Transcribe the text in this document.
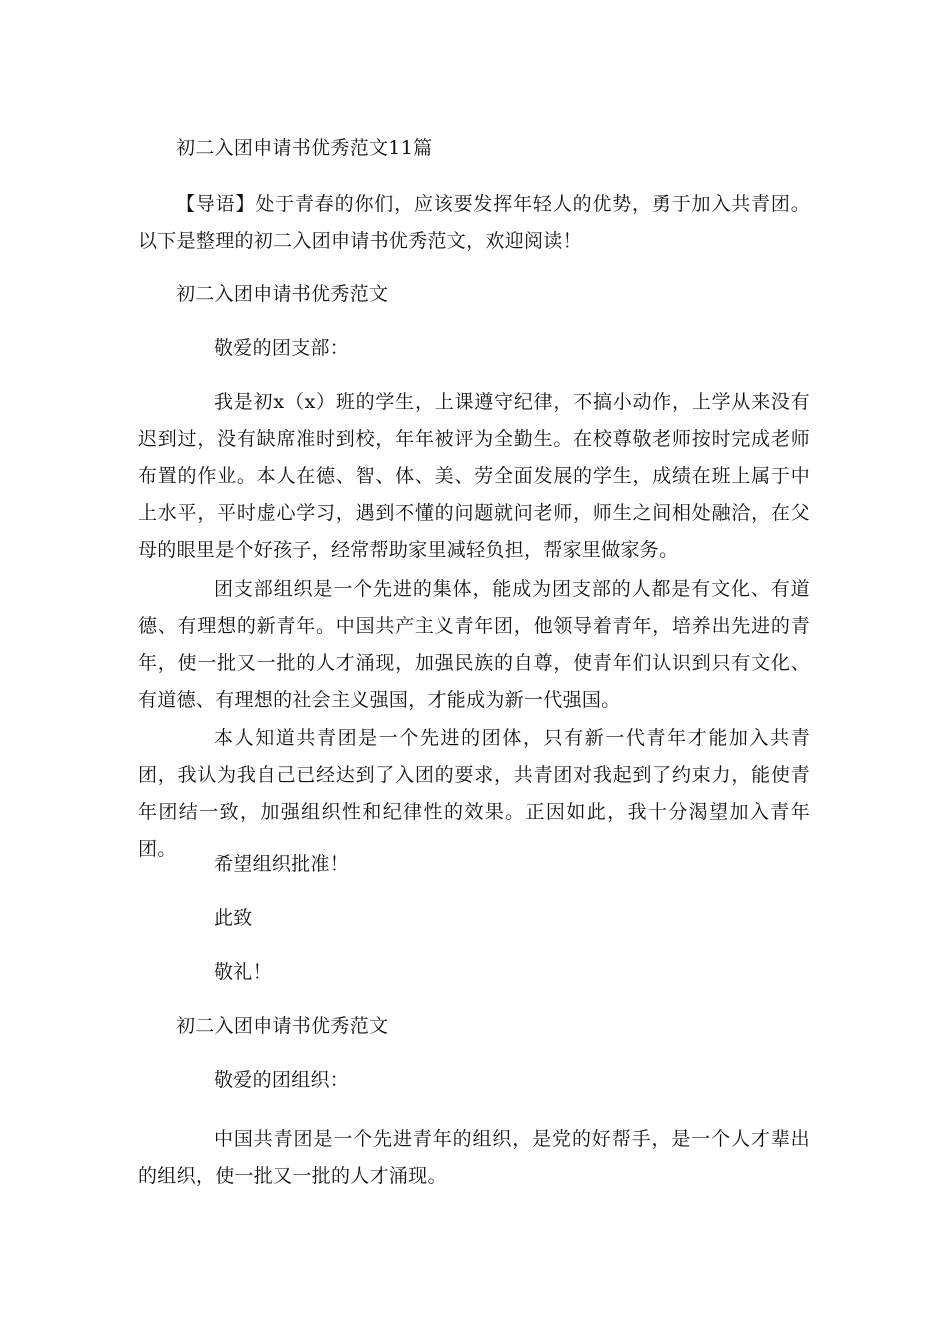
初二入团申请书优秀范文11篇
【导语】处于青春的你们，应该要发挥年轻人的优势，勇于加入共青团。以下是整理的初二入团申请书优秀范文，欢迎阅读！
初二入团申请书优秀范文
敬爱的团支部：
我是初x（x）班的学生，上课遵守纪律，不搞小动作，上学从来没有迟到过，没有缺席准时到校，年年被评为全勤生。在校尊敬老师按时完成老师布置的作业。本人在德、智、体、美、劳全面发展的学生，成绩在班上属于中上水平，平时虚心学习，遇到不懂的问题就问老师，师生之间相处融洽，在父母的眼里是个好孩子，经常帮助家里减轻负担，帮家里做家务。
团支部组织是一个先进的集体，能成为团支部的人都是有文化、有道德、有理想的新青年。中国共产主义青年团，他领导着青年，培养出先进的青年，使一批又一批的人才涌现，加强民族的自尊，使青年们认识到只有文化、有道德、有理想的社会主义强国，才能成为新一代强国。
本人知道共青团是一个先进的团体，只有新一代青年才能加入共青团，我认为我自己已经达到了入团的要求，共青团对我起到了约束力，能使青年团结一致，加强组织性和纪律性的效果。正因如此，我十分渴望加入青年团。
希望组织批准！
此致
敬礼！
初二入团申请书优秀范文
敬爱的团组织：
中国共青团是一个先进青年的组织，是党的好帮手，是一个人才辈出的组织，使一批又一批的人才涌现。
